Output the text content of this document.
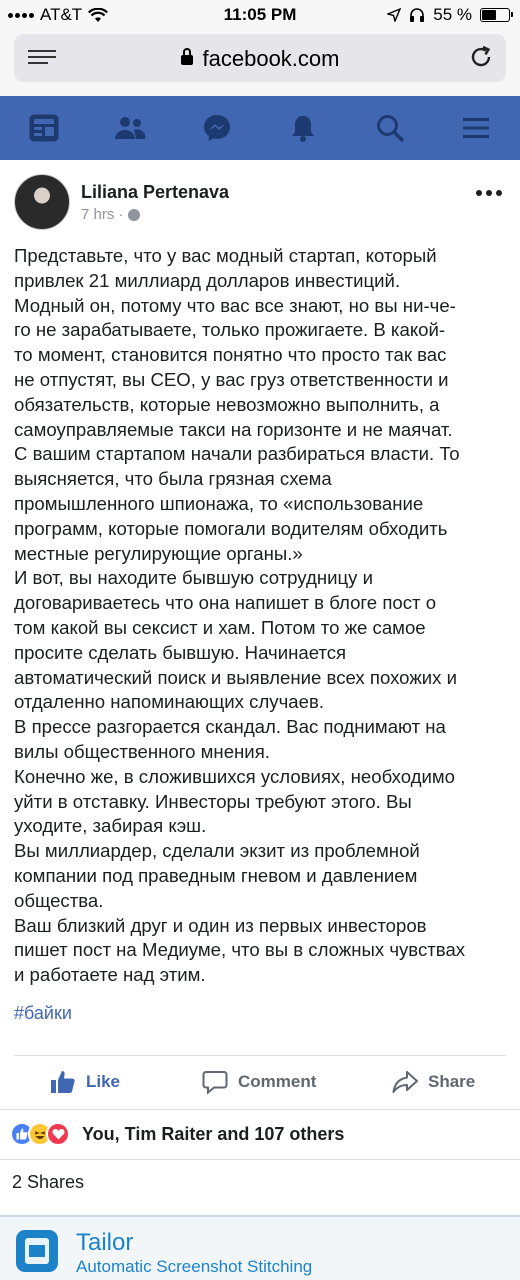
AT&T	11:05 PM	55 %
facebook.com
Liliana Pertenava
7 hrs ·

Представьте, что у вас модный стартап, который

привлек 21 миллиард долларов инвестиций.

Модный он, потому что вас все знают, но вы ни-че-

го не зарабатываете, только прожигаете. В какой-

то момент, становится понятно что просто так вас

не отпустят, вы CEO, у вас груз ответственности и

обязательств, которые невозможно выполнить, а

самоуправляемые такси на горизонте и не маячат.

С вашим стартапом начали разбираться власти. То

выясняется, что была грязная схема

промышленного шпионажа, то «использование

программ, которые помогали водителям обходить

местные регулирующие органы.»

И вот, вы находите бывшую сотрудницу и

договариваетесь что она напишет в блоге пост о

том какой вы сексист и хам. Потом то же самое

просите сделать бывшую. Начинается

автоматический поиск и выявление всех похожих и

отдаленно напоминающих случаев.

В прессе разгорается скандал. Вас поднимают на

вилы общественного мнения.

Конечно же, в сложившихся условиях, необходимо

уйти в отставку. Инвесторы требуют этого. Вы

уходите, забирая кэш.

Вы миллиардер, сделали экзит из проблемной

компании под праведным гневом и давлением

общества.

Ваш близкий друг и один из первых инвесторов

пишет пост на Медиуме, что вы в сложных чувствах

и работаете над этим.

#байки
Like	Comment	Share
You, Tim Raiter and 107 others
2 Shares
Tailor
Automatic Screenshot Stitching
